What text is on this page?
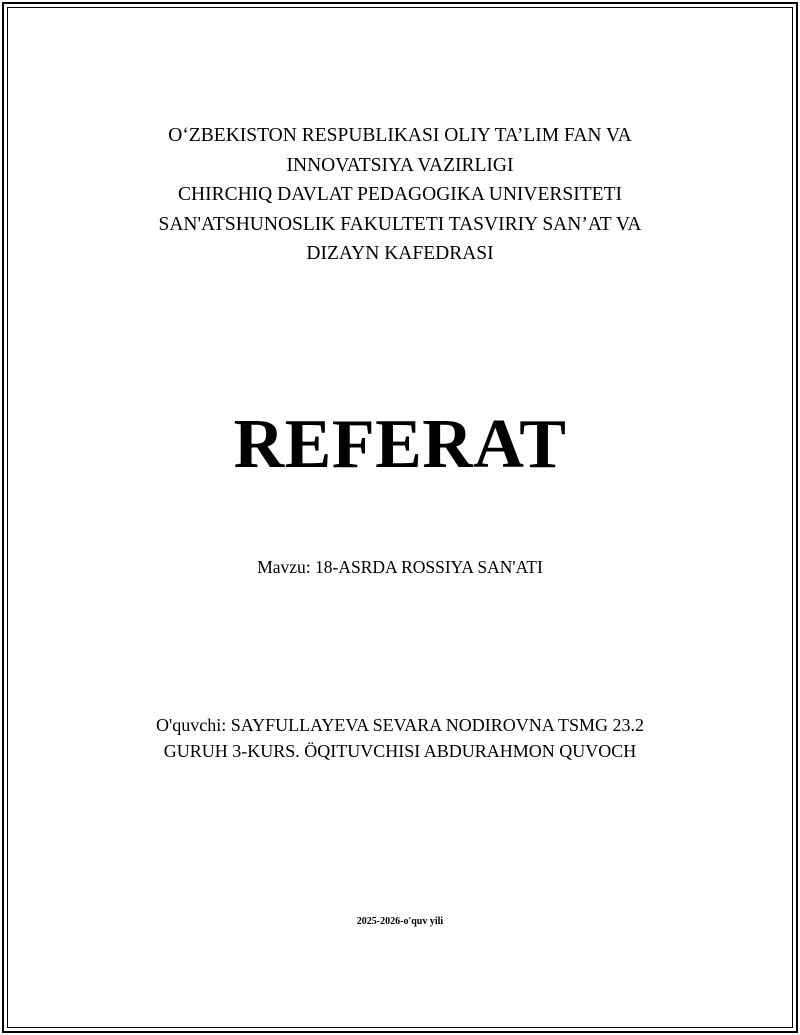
O‘ZBEKISTON RESPUBLIKASI OLIY TA’LIM FAN VA
INNOVATSIYA VAZIRLIGI
CHIRCHIQ DAVLAT PEDAGOGIKA UNIVERSITETI
SAN'ATSHUNOSLIK FAKULTETI TASVIRIY SAN’AT VA
DIZAYN KAFEDRASI
REFERAT
Mavzu: 18-ASRDA ROSSIYA SAN'ATI
O'quvchi: SAYFULLAYEVA SEVARA NODIROVNA TSMG 23.2
GURUH 3-KURS. ÖQITUVCHISI ABDURAHMON QUVOCH
2025-2026-o'quv yili
